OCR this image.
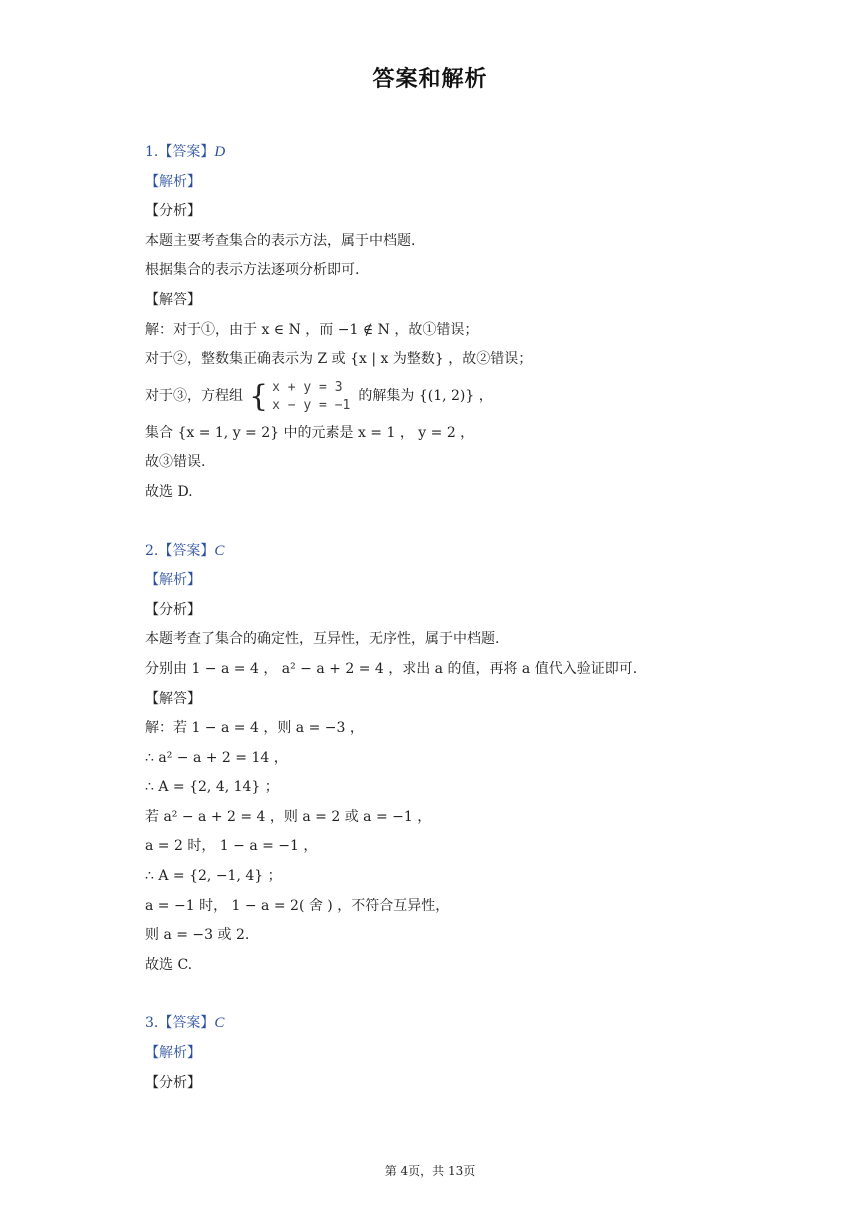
答案和解析
1.【答案】D
【解析】
【分析】
本题主要考查集合的表示方法，属于中档题.
根据集合的表示方法逐项分析即可.
【解答】
解：对于①，由于 x ∈ N ，而 −1 ∉ N ，故①错误；
对于②，整数集正确表示为 Z 或 {x | x 为整数} ，故②错误；
对于③，方程组 { x + y = 3
x − y = −1
的解集为 {(1, 2)} ，
集合 {x = 1, y = 2} 中的元素是 x = 1 ， y = 2 ，
故③错误.
故选 D.
2.【答案】C
【解析】
【分析】
本题考查了集合的确定性，互异性，无序性，属于中档题.
分别由 1 − a = 4 ， a² − a + 2 = 4 ，求出 a 的值，再将 a 值代入验证即可.
【解答】
解：若 1 − a = 4 ，则 a = −3 ，
∴ a² − a + 2 = 14 ，
∴ A = {2, 4, 14} ；
若 a² − a + 2 = 4 ，则 a = 2 或 a = −1 ，
a = 2 时， 1 − a = −1 ，
∴ A = {2, −1, 4} ；
a = −1 时， 1 − a = 2( 舍 ) ，不符合互异性，
则 a = −3 或 2.
故选 C.
3.【答案】C
【解析】
【分析】
第 4页，共 13页
